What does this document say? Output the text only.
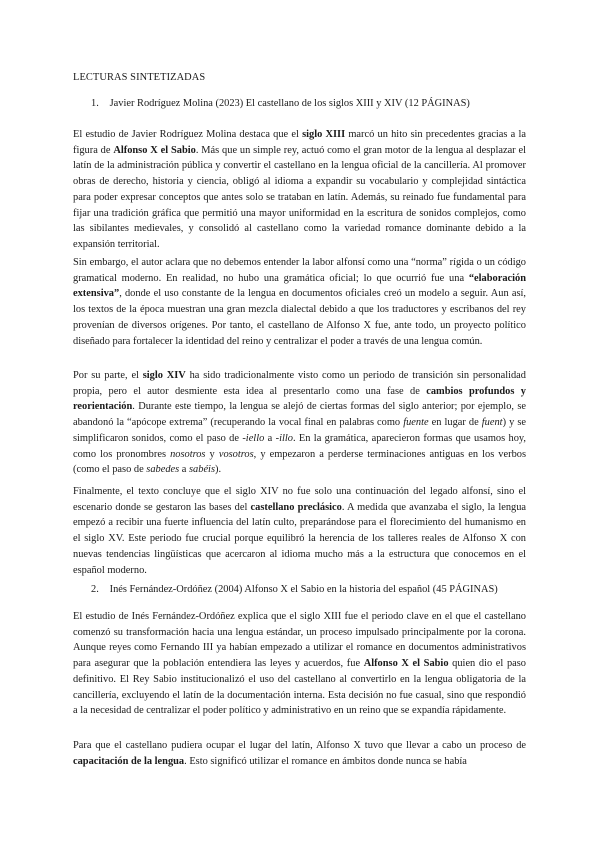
LECTURAS SINTETIZADAS
1. Javier Rodríguez Molina (2023) El castellano de los siglos XIII y XIV (12 PÁGINAS)

El estudio de Javier Rodríguez Molina destaca que el siglo XIII marcó un hito sin precedentes gracias a la figura de Alfonso X el Sabio. Más que un simple rey, actuó como el gran motor de la lengua al desplazar el latín de la administración pública y convertir el castellano en la lengua oficial de la cancillería. Al promover obras de derecho, historia y ciencia, obligó al idioma a expandir su vocabulario y complejidad sintáctica para poder expresar conceptos que antes solo se trataban en latín. Además, su reinado fue fundamental para fijar una tradición gráfica que permitió una mayor uniformidad en la escritura de sonidos complejos, como las sibilantes medievales, y consolidó al castellano como la variedad romance dominante debido a la expansión territorial.

Sin embargo, el autor aclara que no debemos entender la labor alfonsí como una “norma” rígida o un código gramatical moderno. En realidad, no hubo una gramática oficial; lo que ocurrió fue una “elaboración extensiva”, donde el uso constante de la lengua en documentos oficiales creó un modelo a seguir. Aun así, los textos de la época muestran una gran mezcla dialectal debido a que los traductores y escribanos del rey provenían de diversos orígenes. Por tanto, el castellano de Alfonso X fue, ante todo, un proyecto político diseñado para fortalecer la identidad del reino y centralizar el poder a través de una lengua común.

Por su parte, el siglo XIV ha sido tradicionalmente visto como un periodo de transición sin personalidad propia, pero el autor desmiente esta idea al presentarlo como una fase de cambios profundos y reorientación. Durante este tiempo, la lengua se alejó de ciertas formas del siglo anterior; por ejemplo, se abandonó la “apócope extrema” (recuperando la vocal final en palabras como fuente en lugar de fuent) y se simplificaron sonidos, como el paso de -iello a -illo. En la gramática, aparecieron formas que usamos hoy, como los pronombres nosotros y vosotros, y empezaron a perderse terminaciones antiguas en los verbos (como el paso de sabedes a sabéis).

Finalmente, el texto concluye que el siglo XIV no fue solo una continuación del legado alfonsí, sino el escenario donde se gestaron las bases del castellano preclásico. A medida que avanzaba el siglo, la lengua empezó a recibir una fuerte influencia del latín culto, preparándose para el florecimiento del humanismo en el siglo XV. Este periodo fue crucial porque equilibró la herencia de los talleres reales de Alfonso X con nuevas tendencias lingüísticas que acercaron al idioma mucho más a la estructura que conocemos en el español moderno.

2. Inés Fernández-Ordóñez (2004) Alfonso X el Sabio en la historia del español (45 PÁGINAS)

El estudio de Inés Fernández-Ordóñez explica que el siglo XIII fue el periodo clave en el que el castellano comenzó su transformación hacia una lengua estándar, un proceso impulsado principalmente por la corona. Aunque reyes como Fernando III ya habían empezado a utilizar el romance en documentos administrativos para asegurar que la población entendiera las leyes y acuerdos, fue Alfonso X el Sabio quien dio el paso definitivo. El Rey Sabio institucionalizó el uso del castellano al convertirlo en la lengua obligatoria de la cancillería, excluyendo el latín de la documentación interna. Esta decisión no fue casual, sino que respondió a la necesidad de centralizar el poder político y administrativo en un reino que se expandía rápidamente.

Para que el castellano pudiera ocupar el lugar del latín, Alfonso X tuvo que llevar a cabo un proceso de capacitación de la lengua. Esto significó utilizar el romance en ámbitos donde nunca se había
